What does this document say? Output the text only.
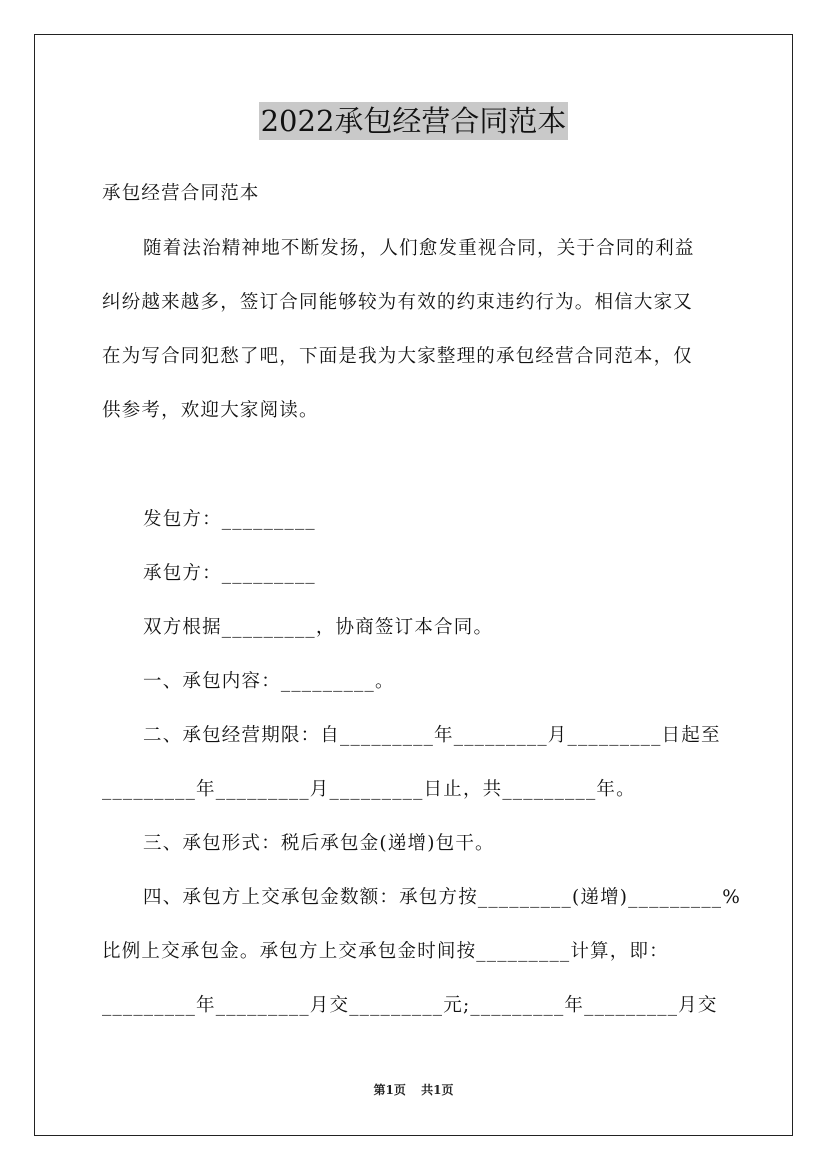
2022承包经营合同范本
承包经营合同范本
随着法治精神地不断发扬，人们愈发重视合同，关于合同的利益
纠纷越来越多，签订合同能够较为有效的约束违约行为。相信大家又
在为写合同犯愁了吧，下面是我为大家整理的承包经营合同范本，仅
供参考，欢迎大家阅读。
发包方：_________
承包方：_________
双方根据_________，协商签订本合同。
一、承包内容：_________。
二、承包经营期限：自_________年_________月_________日起至
_________年_________月_________日止，共_________年。
三、承包形式：税后承包金(递增)包干。
四、承包方上交承包金数额：承包方按_________(递增)_________%
比例上交承包金。承包方上交承包金时间按_________计算，即：
_________年_________月交_________元;_________年_________月交
第1页 共1页
